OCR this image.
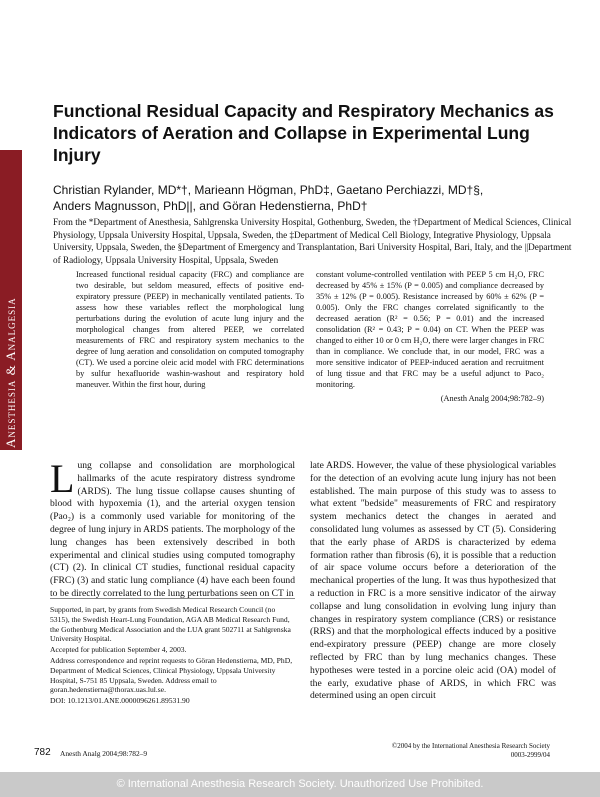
Anesthesia & Analgesia
Functional Residual Capacity and Respiratory Mechanics as Indicators of Aeration and Collapse in Experimental Lung Injury
Christian Rylander, MD*†, Marieann Högman, PhD‡, Gaetano Perchiazzi, MD†§,
Anders Magnusson, PhD||, and Göran Hedenstierna, PhD†
From the *Department of Anesthesia, Sahlgrenska University Hospital, Gothenburg, Sweden, the †Department of Medical Sciences, Clinical Physiology, Uppsala University Hospital, Uppsala, Sweden, the ‡Department of Medical Cell Biology, Integrative Physiology, Uppsala University, Uppsala, Sweden, the §Department of Emergency and Transplantation, Bari University Hospital, Bari, Italy, and the ||Department of Radiology, Uppsala University Hospital, Uppsala, Sweden
Increased functional residual capacity (FRC) and compliance are two desirable, but seldom measured, effects of positive end-expiratory pressure (PEEP) in mechanically ventilated patients. To assess how these variables reflect the morphological lung perturbations during the evolution of acute lung injury and the morphological changes from altered PEEP, we correlated measurements of FRC and respiratory system mechanics to the degree of lung aeration and consolidation on computed tomography (CT). We used a porcine oleic acid model with FRC determinations by sulfur hexafluoride washin-washout and respiratory hold maneuver. Within the first hour, during
constant volume-controlled ventilation with PEEP 5 cm H₂O, FRC decreased by 45% ± 15% (P = 0.005) and compliance decreased by 35% ± 12% (P = 0.005). Resistance increased by 60% ± 62% (P = 0.005). Only the FRC changes correlated significantly to the decreased aeration (R² = 0.56; P = 0.01) and the increased consolidation (R² = 0.43; P = 0.04) on CT. When the PEEP was changed to either 10 or 0 cm H₂O, there were larger changes in FRC than in compliance. We conclude that, in our model, FRC was a more sensitive indicator of PEEP-induced aeration and recruitment of lung tissue and that FRC may be a useful adjunct to Paco₂ monitoring.
(Anesth Analg 2004;98:782–9)
Lung collapse and consolidation are morphological hallmarks of the acute respiratory distress syndrome (ARDS). The lung tissue collapse causes shunting of blood with hypoxemia (1), and the arterial oxygen tension (Pao₂) is a commonly used variable for monitoring of the degree of lung injury in ARDS patients. The morphology of the lung changes has been extensively described in both experimental and clinical studies using computed tomography (CT) (2). In clinical CT studies, functional residual capacity (FRC) (3) and static lung compliance (4) have each been found to be directly correlated to the lung perturbations seen on CT in
late ARDS. However, the value of these physiological variables for the detection of an evolving acute lung injury has not been established. The main purpose of this study was to assess to what extent "bedside" measurements of FRC and respiratory system mechanics detect the changes in aerated and consolidated lung volumes as assessed by CT (5). Considering that the early phase of ARDS is characterized by edema formation rather than fibrosis (6), it is possible that a reduction of air space volume occurs before a deterioration of the mechanical properties of the lung. It was thus hypothesized that a reduction in FRC is a more sensitive indicator of the airway collapse and lung consolidation in evolving lung injury than changes in respiratory system compliance (CRS) or resistance (RRS) and that the morphological effects induced by a positive end-expiratory pressure (PEEP) change are more closely reflected by FRC than by lung mechanics changes. These hypotheses were tested in a porcine oleic acid (OA) model of the early, exudative phase of ARDS, in which FRC was determined using an open circuit

Supported, in part, by grants from Swedish Medical Research Council (no 5315), the Swedish Heart-Lung Foundation, AGA AB Medical Research Fund, the Gothenburg Medical Association and the LUA grant 502711 at Sahlgrenska University Hospital.

Accepted for publication September 4, 2003.

Address correspondence and reprint requests to Göran Hedenstierna, MD, PhD, Department of Medical Sciences, Clinical Physiology, Uppsala University Hospital, S-751 85 Uppsala, Sweden. Address email to goran.hedenstierna@thorax.uas.lul.se.

DOI: 10.1213/01.ANE.0000096261.89531.90

782 Anesth Analg 2004;98:782–9
©2004 by the International Anesthesia Research Society
0003-2999/04
© International Anesthesia Research Society. Unauthorized Use Prohibited.
